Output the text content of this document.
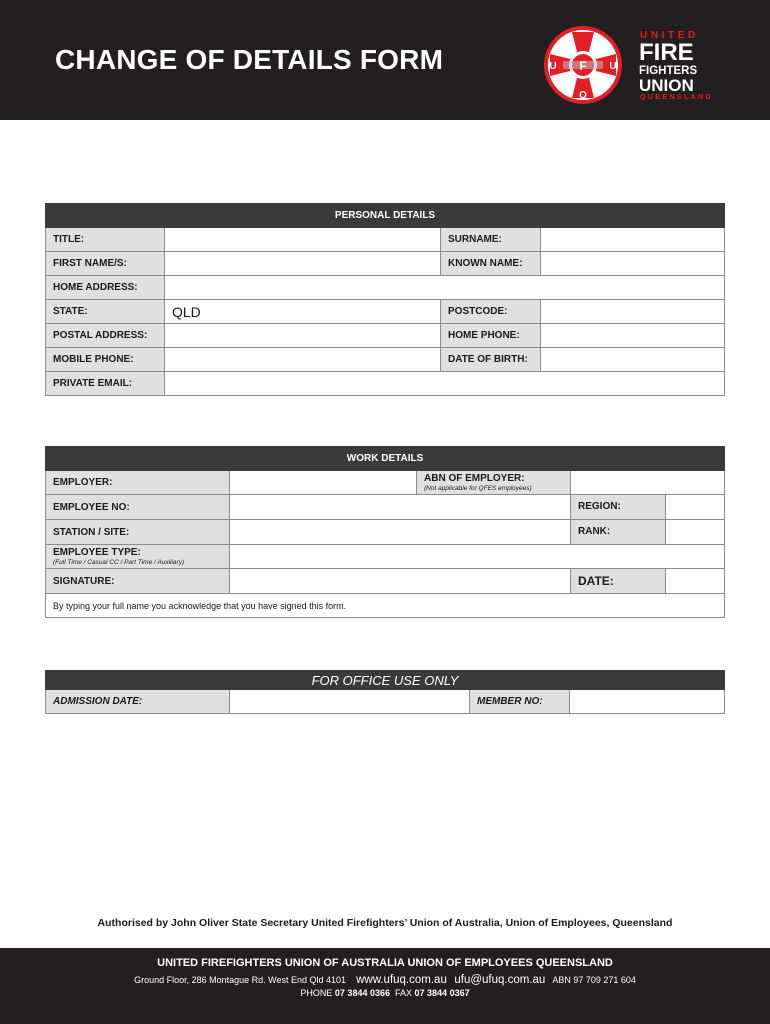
CHANGE OF DETAILS FORM	U F U
Q
UNITED
FIRE
FIGHTERS
UNION
QUEENSLAND
PERSONAL DETAILS			
TITLE:		SURNAME:	
FIRST NAME/S:		KNOWN NAME:	
HOME ADDRESS:			
STATE:	QLD	POSTCODE:	
POSTAL ADDRESS:		HOME PHONE:	
MOBILE PHONE:		DATE OF BIRTH:	
PRIVATE EMAIL:			
WORK DETAILS			
EMPLOYER:		ABN OF EMPLOYER:
(Not applicable for QFES employees)	

EMPLOYEE NO:			REGION:

STATION / SITE:			RANK:

EMPLOYEE TYPE:
(Full Time / Casual CC / Part Time / Auxiliary)			

SIGNATURE:			DATE:

By typing your full name you acknowledge that you have signed this form.			
FOR OFFICE USE ONLY
ADMISSION DATE:		MEMBER NO:	
Authorised by John Oliver State Secretary United Firefighters’ Union of Australia, Union of Employees, Queensland
UNITED FIREFIGHTERS UNION OF AUSTRALIA UNION OF EMPLOYEES QUEENSLAND
Ground Floor, 286 Montague Rd. West End Qld 4101 www.ufuq.com.au ufu@ufuq.com.au ABN 97 709 271 604
PHONE 07 3844 0366 FAX 07 3844 0367
